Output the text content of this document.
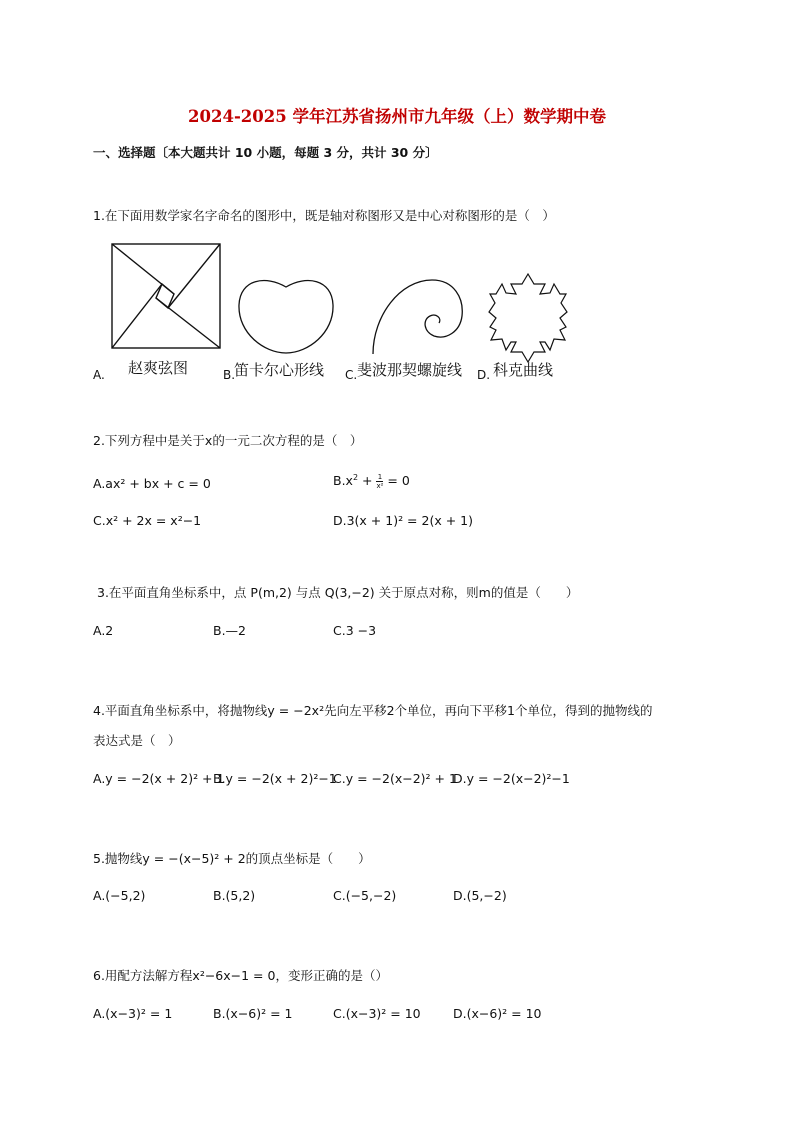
2024-2025 学年江苏省扬州市九年级（上）数学期中卷
一、选择题〔本大题共计 10 小题，每题 3 分，共计 30 分〕
1.在下面用数学家名字命名的图形中，既是轴对称图形又是中心对称图形的是（　）
A. 赵爽弦图	B.
笛卡尔心形线 C. 斐波那契螺旋线 D. 科克曲线
2.下列方程中是关于x的一元二次方程的是（　）
A.ax² + bx + c = 0	$B.x^2 + \frac{1}{\text{x²}} = 0$
C.x² + 2x = x²−1	D.3(x + 1)² = 2(x + 1)
3.在平面直角坐标系中，点 P(m,2) 与点 Q(3,−2) 关于原点对称，则m的值是（　　）
A.2	B.—2	C.3 −3
4.平面直角坐标系中，将抛物线y = −2x²先向左平移2个单位，再向下平移1个单位，得到的抛物线的
表达式是（　）
A.y = −2(x + 2)² + 1
B.y = −2(x + 2)²−1
C.y = −2(x−2)² + 1
D.y = −2(x−2)²−1
5.抛物线y = −(x−5)² + 2的顶点坐标是（　　）
A.(−5,2)	B.(5,2)	C.(−5,−2)	D.(5,−2)
6.用配方法解方程x²−6x−1 = 0，变形正确的是（）
A.(x−3)² = 1	B.(x−6)² = 1	C.(x−3)² = 10	D.(x−6)² = 10
